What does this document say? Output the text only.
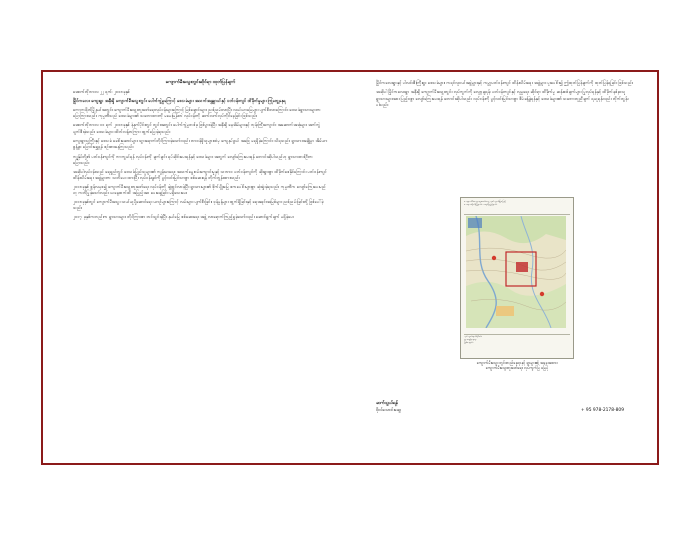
ကျောက်မီးသွေးတွင်းဆိုင်ရာ ထုတ်ပြန်ချက်
အောက်တိုဘာလ ၂၂ ရက်၊ ၂၀၁၈ခုနှစ်
မြိုင်ကလေး ကျေးရွာ အနီးရှိ ကျောက်မီးသွေးတွင်း ပေါက်ကွဲမှုကြောင့် ဒေသခံများ အသက်အန္တရာယ်နှင့် ပတ်ဝန်းကျင် ထိခိုက်မှုများ ကြုံတွေ့နေရ
ကော့ကရိတ်မြို့နယ်အတွင်း ကျောက်မီးသွေးတူးဖော်ရေးလုပ်ငန်းများကြောင့် မြစ်ချောင်းများ ညစ်ညမ်းလာပြီး လယ်ယာမြေများ ပျက်စီးလာကြောင်း ဒေသခံရွာသားများက ပြောကြားသည်။ ကုမ္ပဏီသည် ဒေသခံများ၏ သဘောထားကို မမေးမြန်းဘဲ လုပ်ငန်းကို ဆက်လက်လုပ်ကိုင်နေခြင်း ဖြစ်သည်။
အောက်တိုဘာလ ၁၁ ရက် ၂၀၁၈ခုနှစ် နံနက်ပိုင်းတွင် တွင်းအတွင်း ပေါက်ကွဲမှုတစ်ခု ဖြစ်ပွားခဲ့ပြီး အနီးရှိ နေအိမ်များနှင့် ဘုန်းကြီးကျောင်း အဆောက်အအုံများ အက်ကွဲ ပျက်စီးခဲ့သည်။ ဒေသခံများ ထိတ်လန့်တကြား ထွက်ပြေးခဲ့ရသည်။
ကျေးရွာသူကြီးနှင့် ဒေသခံ ခေါင်းဆောင်များ သွားရောက်တိုင်ကြားခဲ့သော်လည်း တာဝန်ရှိသူများထံမှ ကျေနပ်ဖွယ် အဖြေ မရရှိခဲ့ကြောင်း သိရသည်။ ရွာသားအချို့မှာ အိမ်ယာ စွန့်ခွာ ပြောင်းရွှေ့ရန် စဉ်းစားနေကြသည်။
ကျွန်ုပ်တို့၏ ပတ်ဝန်းကျင်ကို ကာကွယ်ရန် လုပ်ငန်းကို ချက်ချင်း ရပ်ဆိုင်းပေးရန်နှင့် ဒေသခံများ အတွက် လျော်ကြေးပေးရန် တောင်းဆိုပါသည်ဟု ရွာသားတစ်ဦးက ပြောသည်။
အဆိုပါလုပ်ငန်းသည် ရေရှည်တွင် ဒေသခံပြည်သူများ၏ ကျန်းမာရေး၊ အသက်မွေးဝမ်းကျောင်းမှုနှင့် သဘာဝ ပတ်ဝန်းကျင်ကို ဆိုးရွားစွာ ထိခိုက်စေနိုင်ကြောင်း ပတ်ဝန်းကျင် ထိန်းသိမ်းရေး အဖွဲ့များက သတိပေး ထားပြီး လုပ်ငန်းခွင်ကို ပွင့်လင်းမြင်သာစွာ စစ်ဆေးရန် တိုက်တွန်းထားသည်။
၂၀၁၈ခုနှစ် ဇွန်လမှစ၍ ကျောက်မီးသွေးတူးဖော်ရေး လုပ်ငန်းကို ချဲ့ထွင်လာခဲ့ပြီး ရွာသားများ၏ စိုက်ပျိုးမြေ ဧကပေါင်းများစွာ ဆုံးရှုံးခဲ့ရသည်။ ကုမ္ပဏီက လျော်ကြေးပေးမည်ဟု ကတိပြုခဲ့သော်လည်း ယနေ့ထက်ထိ အပြည့်အဝ ပေးချေခြင်း မရှိသေးပေ။
၂၀၁၈ခုနှစ်တွင် ကျောက်မီးသွေး သယ်ယူပို့ဆောင်ရေး ယာဉ်များကြောင့် လမ်းများ ပျက်စီးခြင်း၊ ဖုန်မှုန့်များ ထွက်ရှိခြင်းနှင့် ရေအရင်းအမြစ်များ ညစ်ညမ်းခြင်းတို့ ဖြစ်ပေါ်ခဲ့သည်။
၂၀၁၇ ခုနှစ်ကတည်းက ရွာသားများ တိုင်ကြားစာ တင်သွင်းခဲ့ပြီး နယ်မြေ စစ်ဆေးရေး အဖွဲ့ လာရောက်ကြည့်ရှုခဲ့သော်လည်း ဆောင်ရွက်ချက် မရှိခဲ့ပေ။
မြိုင်ကလေးရွာနှင့် ပါလင်းစီးကြီးရွာ ဒေသခံများ၊ ကရင်လူငယ်အဖွဲ့များနှင့် ကမ္ဘာ့ပတ်ဝန်းကျင် ထိန်းသိမ်းရေး အဖွဲ့များ ပူးပေါင်း၍ ဤထုတ်ပြန်ချက်ကို ထုတ်ပြန်ရခြင်း ဖြစ်သည်။
အဆိုပါ မြိုင်ကလေးရွာ အနီးရှိ ကျောက်မီးသွေးတွင်း လုပ်ကွက်ကို လျှော့ချရန်၊ ပတ်ဝန်းကျင်နှင့် လူမှုရေး ဆိုင်ရာ ထိခိုက်မှု ဆန်းစစ်ချက်များ ပြုလုပ်ရန်နှင့် ထိခိုက်နစ်နာသူ ရွာသားများအား ပြည့်ဝစွာ လျော်ကြေးပေးရန် တောင်းဆိုပါသည်။ လုပ်ငန်းကို ပွင့်လင်းမြင်သာစွာ စီမံခန့်ခွဲရန်နှင့် ဒေသခံများ၏ သဘောတူညီချက် ရယူရန်လည်း တိုက်တွန်းပါသည်။
ကျောက်မီးသွေးတူးဖော်ရေး လုပ်ကွက်ပြမြေပုံ
ကော့ကရိတ်မြို့နယ်၊ ကရင်ပြည်နယ်
လုပ်ကွက်နယ်နိမိတ်
ရွာတည်နေရာ
မြစ်ချောင်း
ကျောက်မီးသွေး တွင်းတည်နေရာနှင့် ရွာများ၏ အနေအထား
ကျောက်မီးသွေးတူးဖော်ရေး လုပ်ကွက်ပြ မြေပုံ
ဆက်သွယ်ရန်
ဗိုလ်သောင်းဆွေ	+ 95 978-2178-809
